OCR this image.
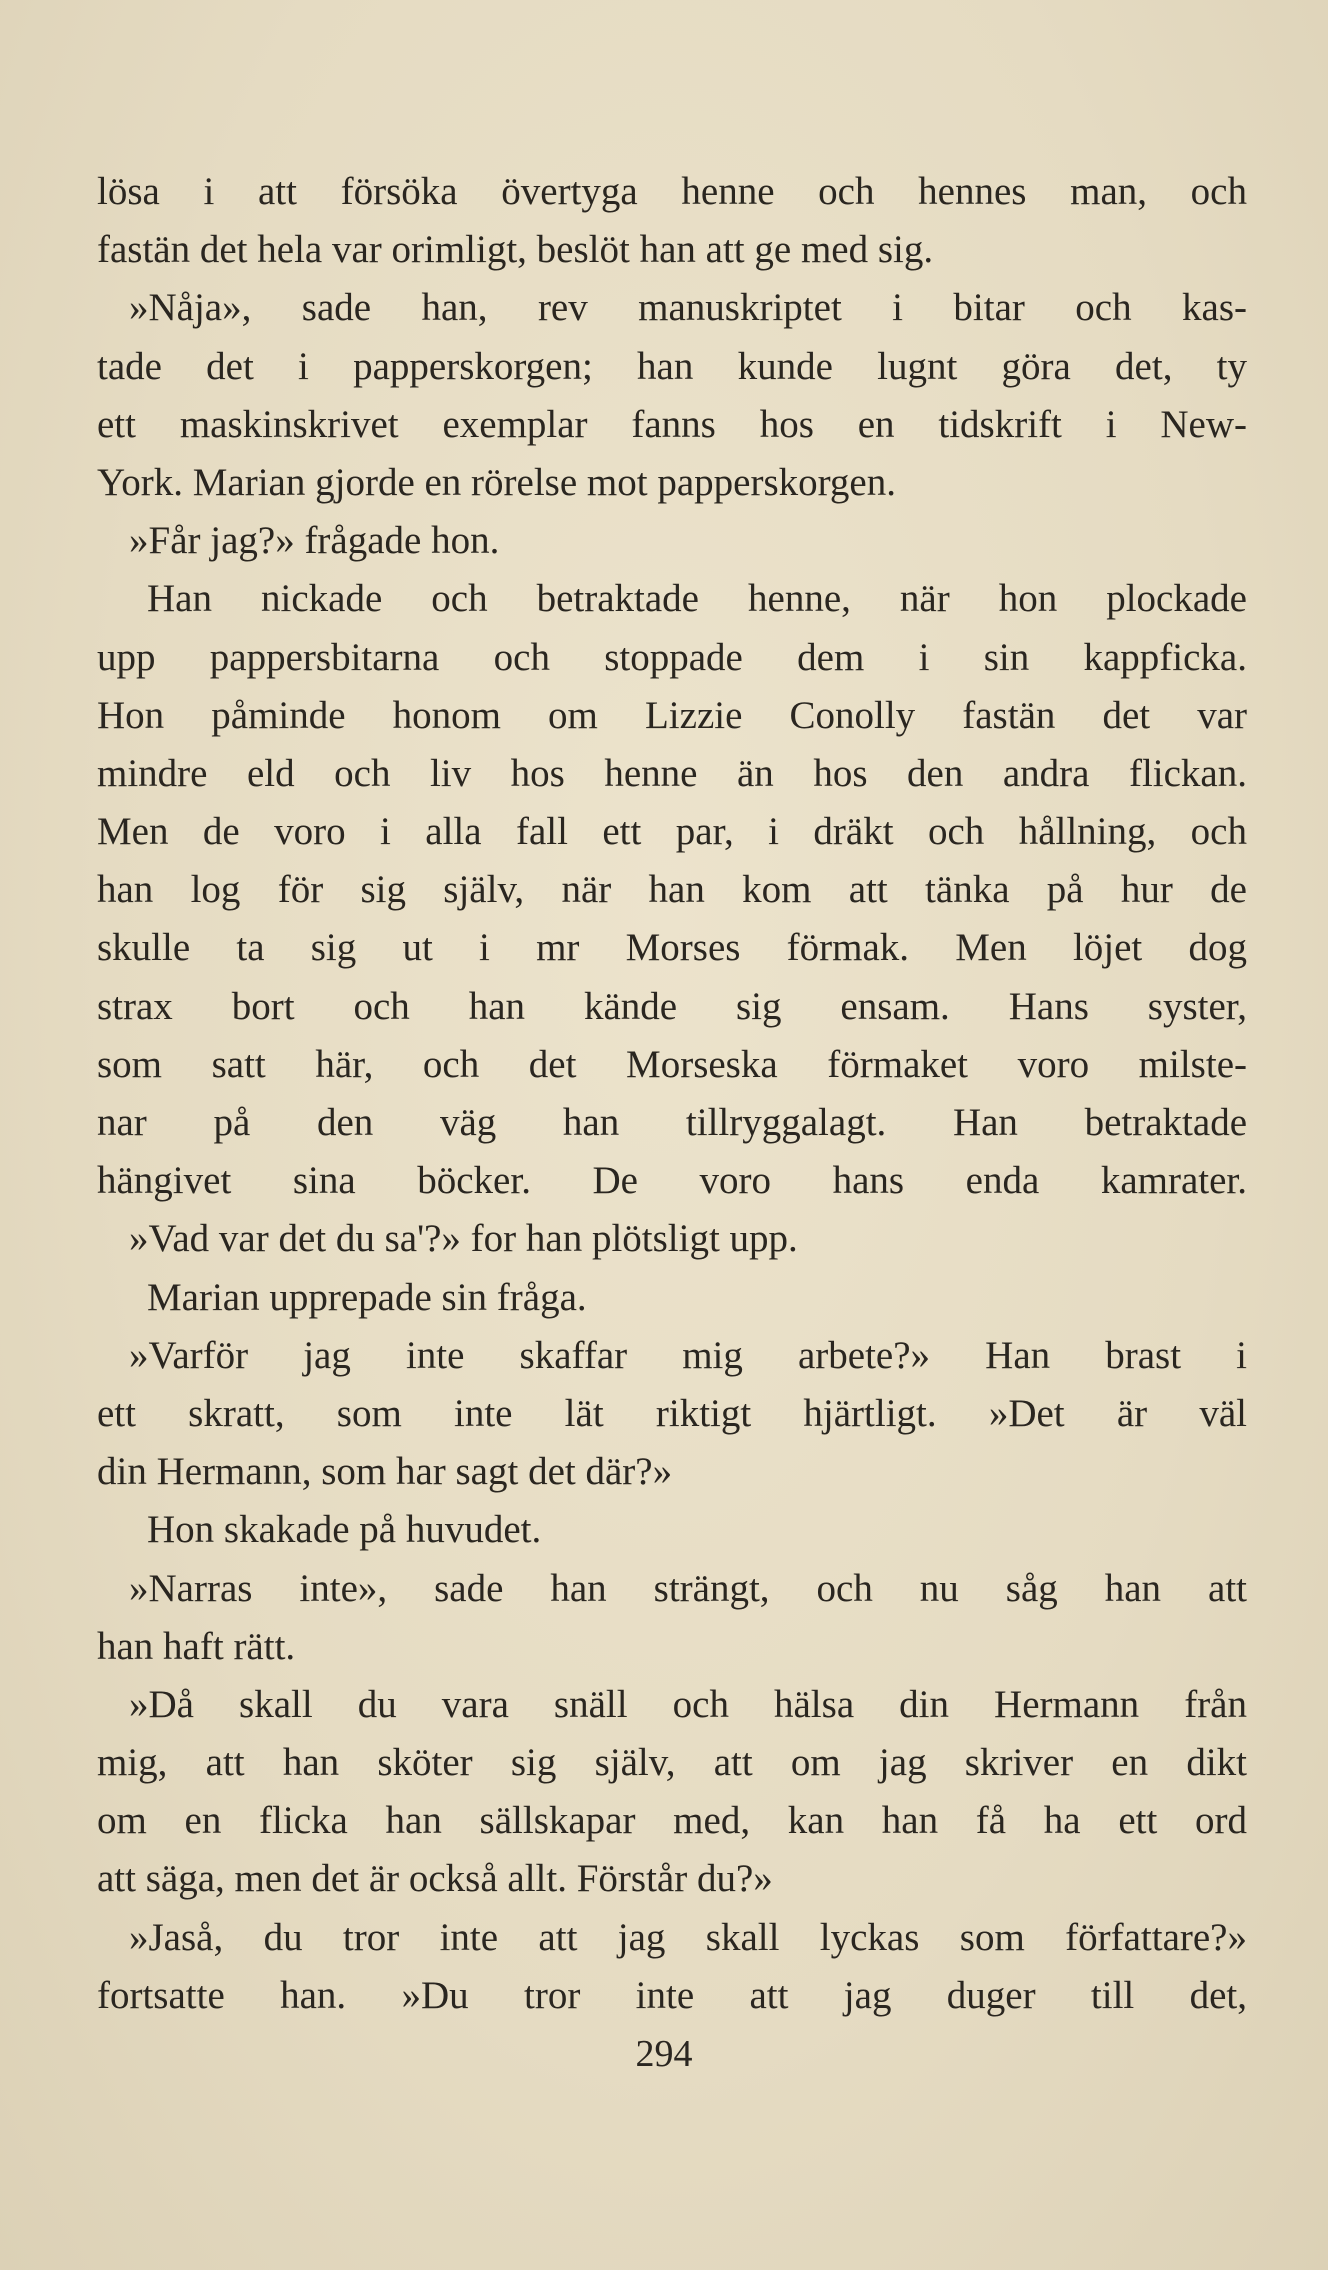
lösa i att försöka övertyga henne och hennes man, och
fastän det hela var orimligt, beslöt han att ge med sig.
»Nåja», sade han, rev manuskriptet i bitar och kas-
tade det i papperskorgen; han kunde lugnt göra det, ty
ett maskinskrivet exemplar fanns hos en tidskrift i New-
York. Marian gjorde en rörelse mot papperskorgen.
»Får jag?» frågade hon.
Han nickade och betraktade henne, när hon plockade
upp pappersbitarna och stoppade dem i sin kappficka.
Hon påminde honom om Lizzie Conolly fastän det var
mindre eld och liv hos henne än hos den andra flickan.
Men de voro i alla fall ett par, i dräkt och hållning, och
han log för sig själv, när han kom att tänka på hur de
skulle ta sig ut i mr Morses förmak. Men löjet dog
strax bort och han kände sig ensam. Hans syster,
som satt här, och det Morseska förmaket voro milste-
nar på den väg han tillryggalagt. Han betraktade
hängivet sina böcker. De voro hans enda kamrater.
»Vad var det du sa'?» for han plötsligt upp.
Marian upprepade sin fråga.
»Varför jag inte skaffar mig arbete?» Han brast i
ett skratt, som inte lät riktigt hjärtligt. »Det är väl
din Hermann, som har sagt det där?»
Hon skakade på huvudet.
»Narras inte», sade han strängt, och nu såg han att
han haft rätt.
»Då skall du vara snäll och hälsa din Hermann från
mig, att han sköter sig själv, att om jag skriver en dikt
om en flicka han sällskapar med, kan han få ha ett ord
att säga, men det är också allt. Förstår du?»
»Jaså, du tror inte att jag skall lyckas som författare?»
fortsatte han. »Du tror inte att jag duger till det,
294
